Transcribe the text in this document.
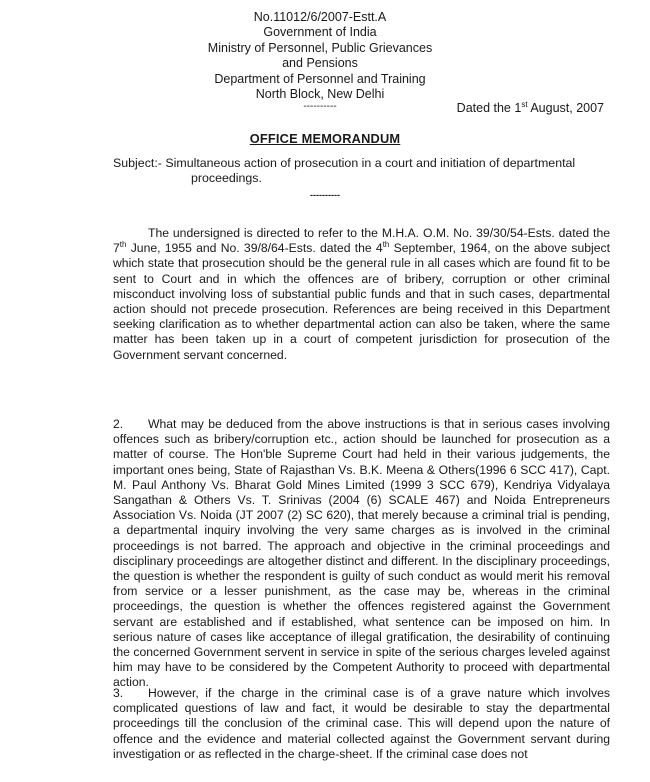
No.11012/6/2007-Estt.A
Government of India
Ministry of Personnel, Public Grievances and Pensions
Department of Personnel and Training
North Block, New Delhi
----------	Dated the 1st August, 2007
OFFICE MEMORANDUM
Subject:- Simultaneous action of prosecution in a court and initiation of departmental
proceedings.
----------
The undersigned is directed to refer to the M.H.A. O.M. No. 39/30/54-Ests. dated the 7th June, 1955 and No. 39/8/64-Ests. dated the 4th September, 1964, on the above subject which state that prosecution should be the general rule in all cases which are found fit to be sent to Court and in which the offences are of bribery, corruption or other criminal misconduct involving loss of substantial public funds and that in such cases, departmental action should not precede prosecution. References are being received in this Department seeking clarification as to whether departmental action can also be taken, where the same matter has been taken up in a court of competent jurisdiction for prosecution of the Government servant concerned.
2. What may be deduced from the above instructions is that in serious cases involving offences such as bribery/corruption etc., action should be launched for prosecution as a matter of course. The Hon'ble Supreme Court had held in their various judgements, the important ones being, State of Rajasthan Vs. B.K. Meena & Others(1996 6 SCC 417), Capt. M. Paul Anthony Vs. Bharat Gold Mines Limited (1999 3 SCC 679), Kendriya Vidyalaya Sangathan & Others Vs. T. Srinivas (2004 (6) SCALE 467) and Noida Entrepreneurs Association Vs. Noida (JT 2007 (2) SC 620), that merely because a criminal trial is pending, a departmental inquiry involving the very same charges as is involved in the criminal proceedings is not barred. The approach and objective in the criminal proceedings and disciplinary proceedings are altogether distinct and different. In the disciplinary proceedings, the question is whether the respondent is guilty of such conduct as would merit his removal from service or a lesser punishment, as the case may be, whereas in the criminal proceedings, the question is whether the offences registered against the Government servant are established and if established, what sentence can be imposed on him. In serious nature of cases like acceptance of illegal gratification, the desirability of continuing the concerned Government servent in service in spite of the serious charges leveled against him may have to be considered by the Competent Authority to proceed with departmental action.
3. However, if the charge in the criminal case is of a grave nature which involves complicated questions of law and fact, it would be desirable to stay the departmental proceedings till the conclusion of the criminal case. This will depend upon the nature of offence and the evidence and material collected against the Government servant during investigation or as reflected in the charge-sheet. If the criminal case does not
